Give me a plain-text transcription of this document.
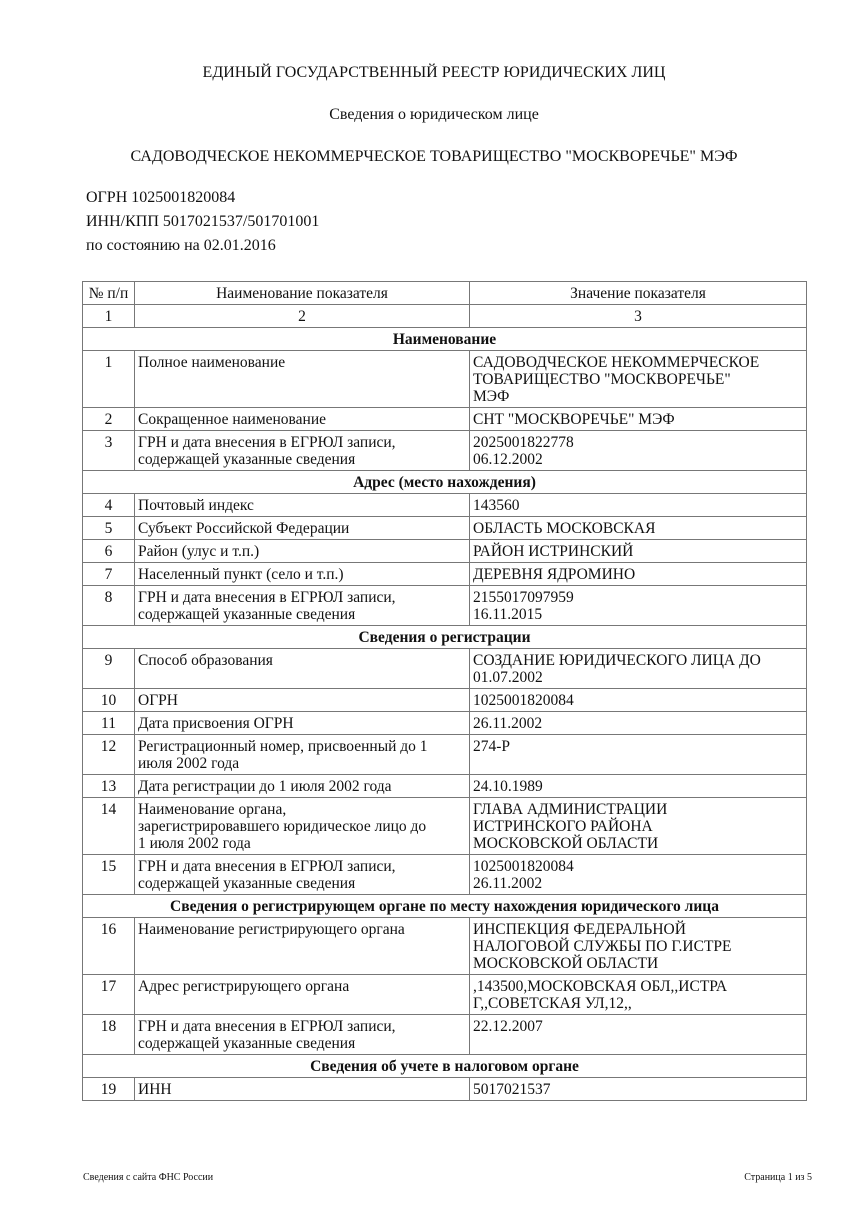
ЕДИНЫЙ ГОСУДАРСТВЕННЫЙ РЕЕСТР ЮРИДИЧЕСКИХ ЛИЦ
Сведения о юридическом лице
САДОВОДЧЕСКОЕ НЕКОММЕРЧЕСКОЕ ТОВАРИЩЕСТВО "МОСКВОРЕЧЬЕ" МЭФ
ОГРН 1025001820084
ИНН/КПП 5017021537/501701001
по состоянию на 02.01.2016
№ п/п	Наименование показателя	Значение показателя
1	2	3
Наименование		
1	Полное наименование	САДОВОДЧЕСКОЕ НЕКОММЕРЧЕСКОЕ
ТОВАРИЩЕСТВО "МОСКВОРЕЧЬЕ"
МЭФ
2	Сокращенное наименование	СНТ "МОСКВОРЕЧЬЕ" МЭФ
3	ГРН и дата внесения в ЕГРЮЛ записи,
содержащей указанные сведения	2025001822778
06.12.2002
Адрес (место нахождения)		
4	Почтовый индекс	143560
5	Субъект Российской Федерации	ОБЛАСТЬ МОСКОВСКАЯ
6	Район (улус и т.п.)	РАЙОН ИСТРИНСКИЙ
7	Населенный пункт (село и т.п.)	ДЕРЕВНЯ ЯДРОМИНО
8	ГРН и дата внесения в ЕГРЮЛ записи,
содержащей указанные сведения	2155017097959
16.11.2015
Сведения о регистрации		
9	Способ образования	СОЗДАНИЕ ЮРИДИЧЕСКОГО ЛИЦА ДО
01.07.2002
10	ОГРН	1025001820084
11	Дата присвоения ОГРН	26.11.2002
12	Регистрационный номер, присвоенный до 1
июля 2002 года	274-Р
13	Дата регистрации до 1 июля 2002 года	24.10.1989
14	Наименование органа,
зарегистрировавшего юридическое лицо до
1 июля 2002 года	ГЛАВА АДМИНИСТРАЦИИ
ИСТРИНСКОГО РАЙОНА
МОСКОВСКОЙ ОБЛАСТИ
15	ГРН и дата внесения в ЕГРЮЛ записи,
содержащей указанные сведения	1025001820084
26.11.2002
Сведения о регистрирующем органе по месту нахождения юридического лица		
16	Наименование регистрирующего органа	ИНСПЕКЦИЯ ФЕДЕРАЛЬНОЙ
НАЛОГОВОЙ СЛУЖБЫ ПО Г.ИСТРЕ
МОСКОВСКОЙ ОБЛАСТИ
17	Адрес регистрирующего органа	,143500,МОСКОВСКАЯ ОБЛ,,ИСТРА
Г,,СОВЕТСКАЯ УЛ,12,,
18	ГРН и дата внесения в ЕГРЮЛ записи,
содержащей указанные сведения	22.12.2007
Сведения об учете в налоговом органе		
19	ИНН	5017021537
Сведения с сайта ФНС России	Страница 1 из 5
